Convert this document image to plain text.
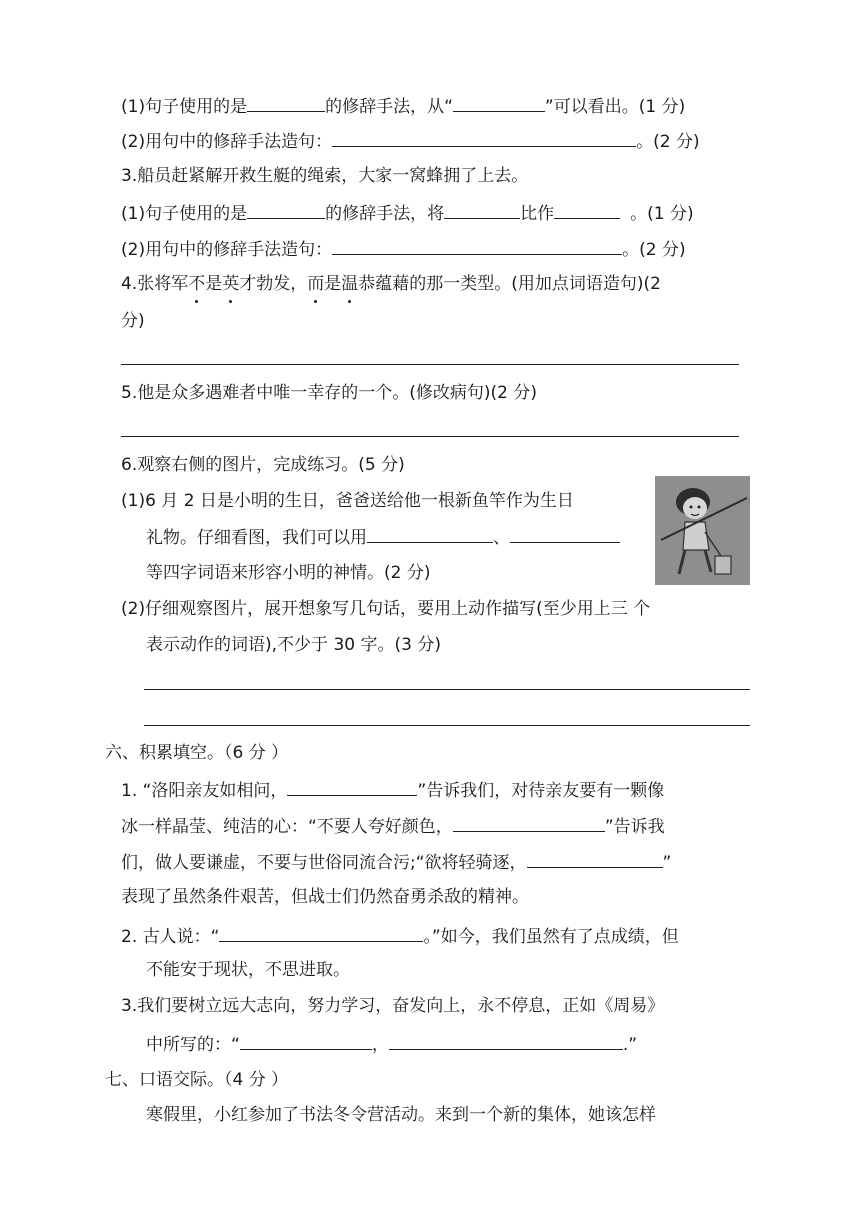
(1)句子使用的是	的修辞手法，从“	”可以看出。(1 分)
(2)用句中的修辞手法造句：	。(2 分)
3.船员赶紧解开救生艇的绳索，大家一窝蜂拥了上去。
(1)句子使用的是	的修辞手法，将	比作	。(1 分)
(2)用句中的修辞手法造句：	。(2 分)
4.张将军不是英才勃发，而是温恭蕴藉的那一类型。(用加点词语造句)(2
分)
5.他是众多遇难者中唯一幸存的一个。(修改病句)(2 分)
6.观察右侧的图片，完成练习。(5 分)
(1)6 月 2 日是小明的生日，爸爸送给他一根新鱼竿作为生日
礼物。仔细看图，我们可以用	、
等四字词语来形容小明的神情。(2 分)
(2)仔细观察图片，展开想象写几句话，要用上动作描写(至少用上三 个
表示动作的词语),不少于 30 字。(3 分)
六、积累填空。（6 分 ）
1. “洛阳亲友如相问，	”告诉我们，对待亲友要有一颗像
冰一样晶莹、纯洁的心：“不要人夸好颜色，	”告诉我
们，做人要谦虚，不要与世俗同流合污;“欲将轻骑逐，	”
表现了虽然条件艰苦，但战士们仍然奋勇杀敌的精神。
2. 古人说：“	。”如今，我们虽然有了点成绩，但
不能安于现状，不思进取。
3.我们要树立远大志向，努力学习，奋发向上，永不停息，正如《周易》
中所写的：“	，	.”
七、口语交际。（4 分 ）
寒假里，小红参加了书法冬令营活动。来到一个新的集体，她该怎样
